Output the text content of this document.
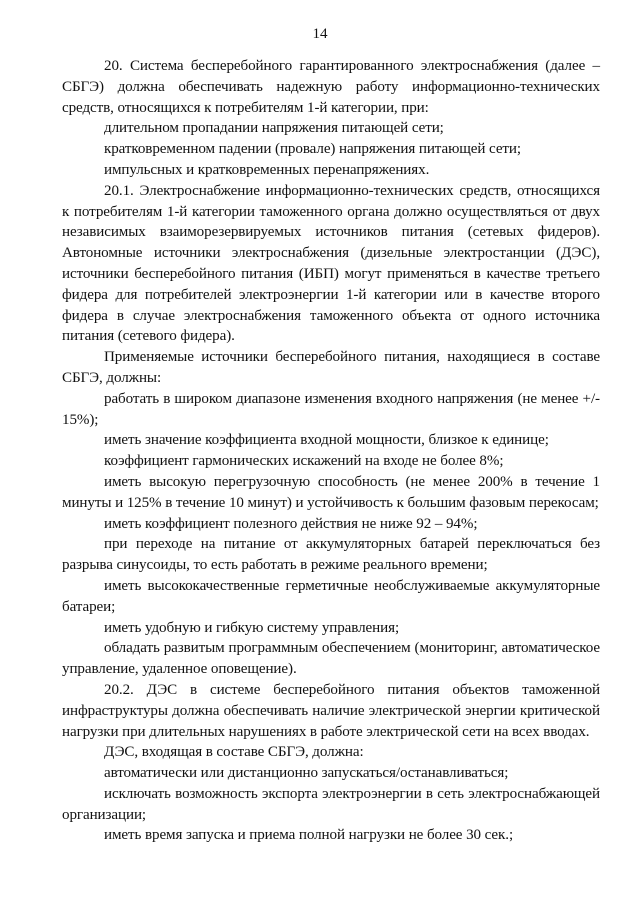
14

20. Система бесперебойного гарантированного электроснабжения (далее – СБГЭ) должна обеспечивать надежную работу информационно-технических средств, относящихся к потребителям 1-й категории, при:

длительном пропадании напряжения питающей сети;

кратковременном падении (провале) напряжения питающей сети;

импульсных и кратковременных перенапряжениях.

20.1. Электроснабжение информационно-технических средств, относящихся к потребителям 1-й категории таможенного органа должно осуществляться от двух независимых взаиморезервируемых источников питания (сетевых фидеров). Автономные источники электроснабжения (дизельные электростанции (ДЭС), источники бесперебойного питания (ИБП) могут применяться в качестве третьего фидера для потребителей электроэнергии 1-й категории или в качестве второго фидера в случае электроснабжения таможенного объекта от одного источника питания (сетевого фидера).

Применяемые источники бесперебойного питания, находящиеся в составе СБГЭ, должны:

работать в широком диапазоне изменения входного напряжения (не менее +/- 15%);

иметь значение коэффициента входной мощности, близкое к единице;

коэффициент гармонических искажений на входе не более 8%;

иметь высокую перегрузочную способность (не менее 200% в течение 1 минуты и 125% в течение 10 минут) и устойчивость к большим фазовым перекосам;

иметь коэффициент полезного действия не ниже 92 – 94%;

при переходе на питание от аккумуляторных батарей переключаться без разрыва синусоиды, то есть работать в режиме реального времени;

иметь высококачественные герметичные необслуживаемые аккумуляторные батареи;

иметь удобную и гибкую систему управления;

обладать развитым программным обеспечением (мониторинг, автоматическое управление, удаленное оповещение).

20.2. ДЭС в системе бесперебойного питания объектов таможенной инфраструктуры должна обеспечивать наличие электрической энергии критической нагрузки при длительных нарушениях в работе электрической сети на всех вводах.

ДЭС, входящая в составе СБГЭ, должна:

автоматически или дистанционно запускаться/останавливаться;

исключать возможность экспорта электроэнергии в сеть электроснабжающей организации;

иметь время запуска и приема полной нагрузки не более 30 сек.;
